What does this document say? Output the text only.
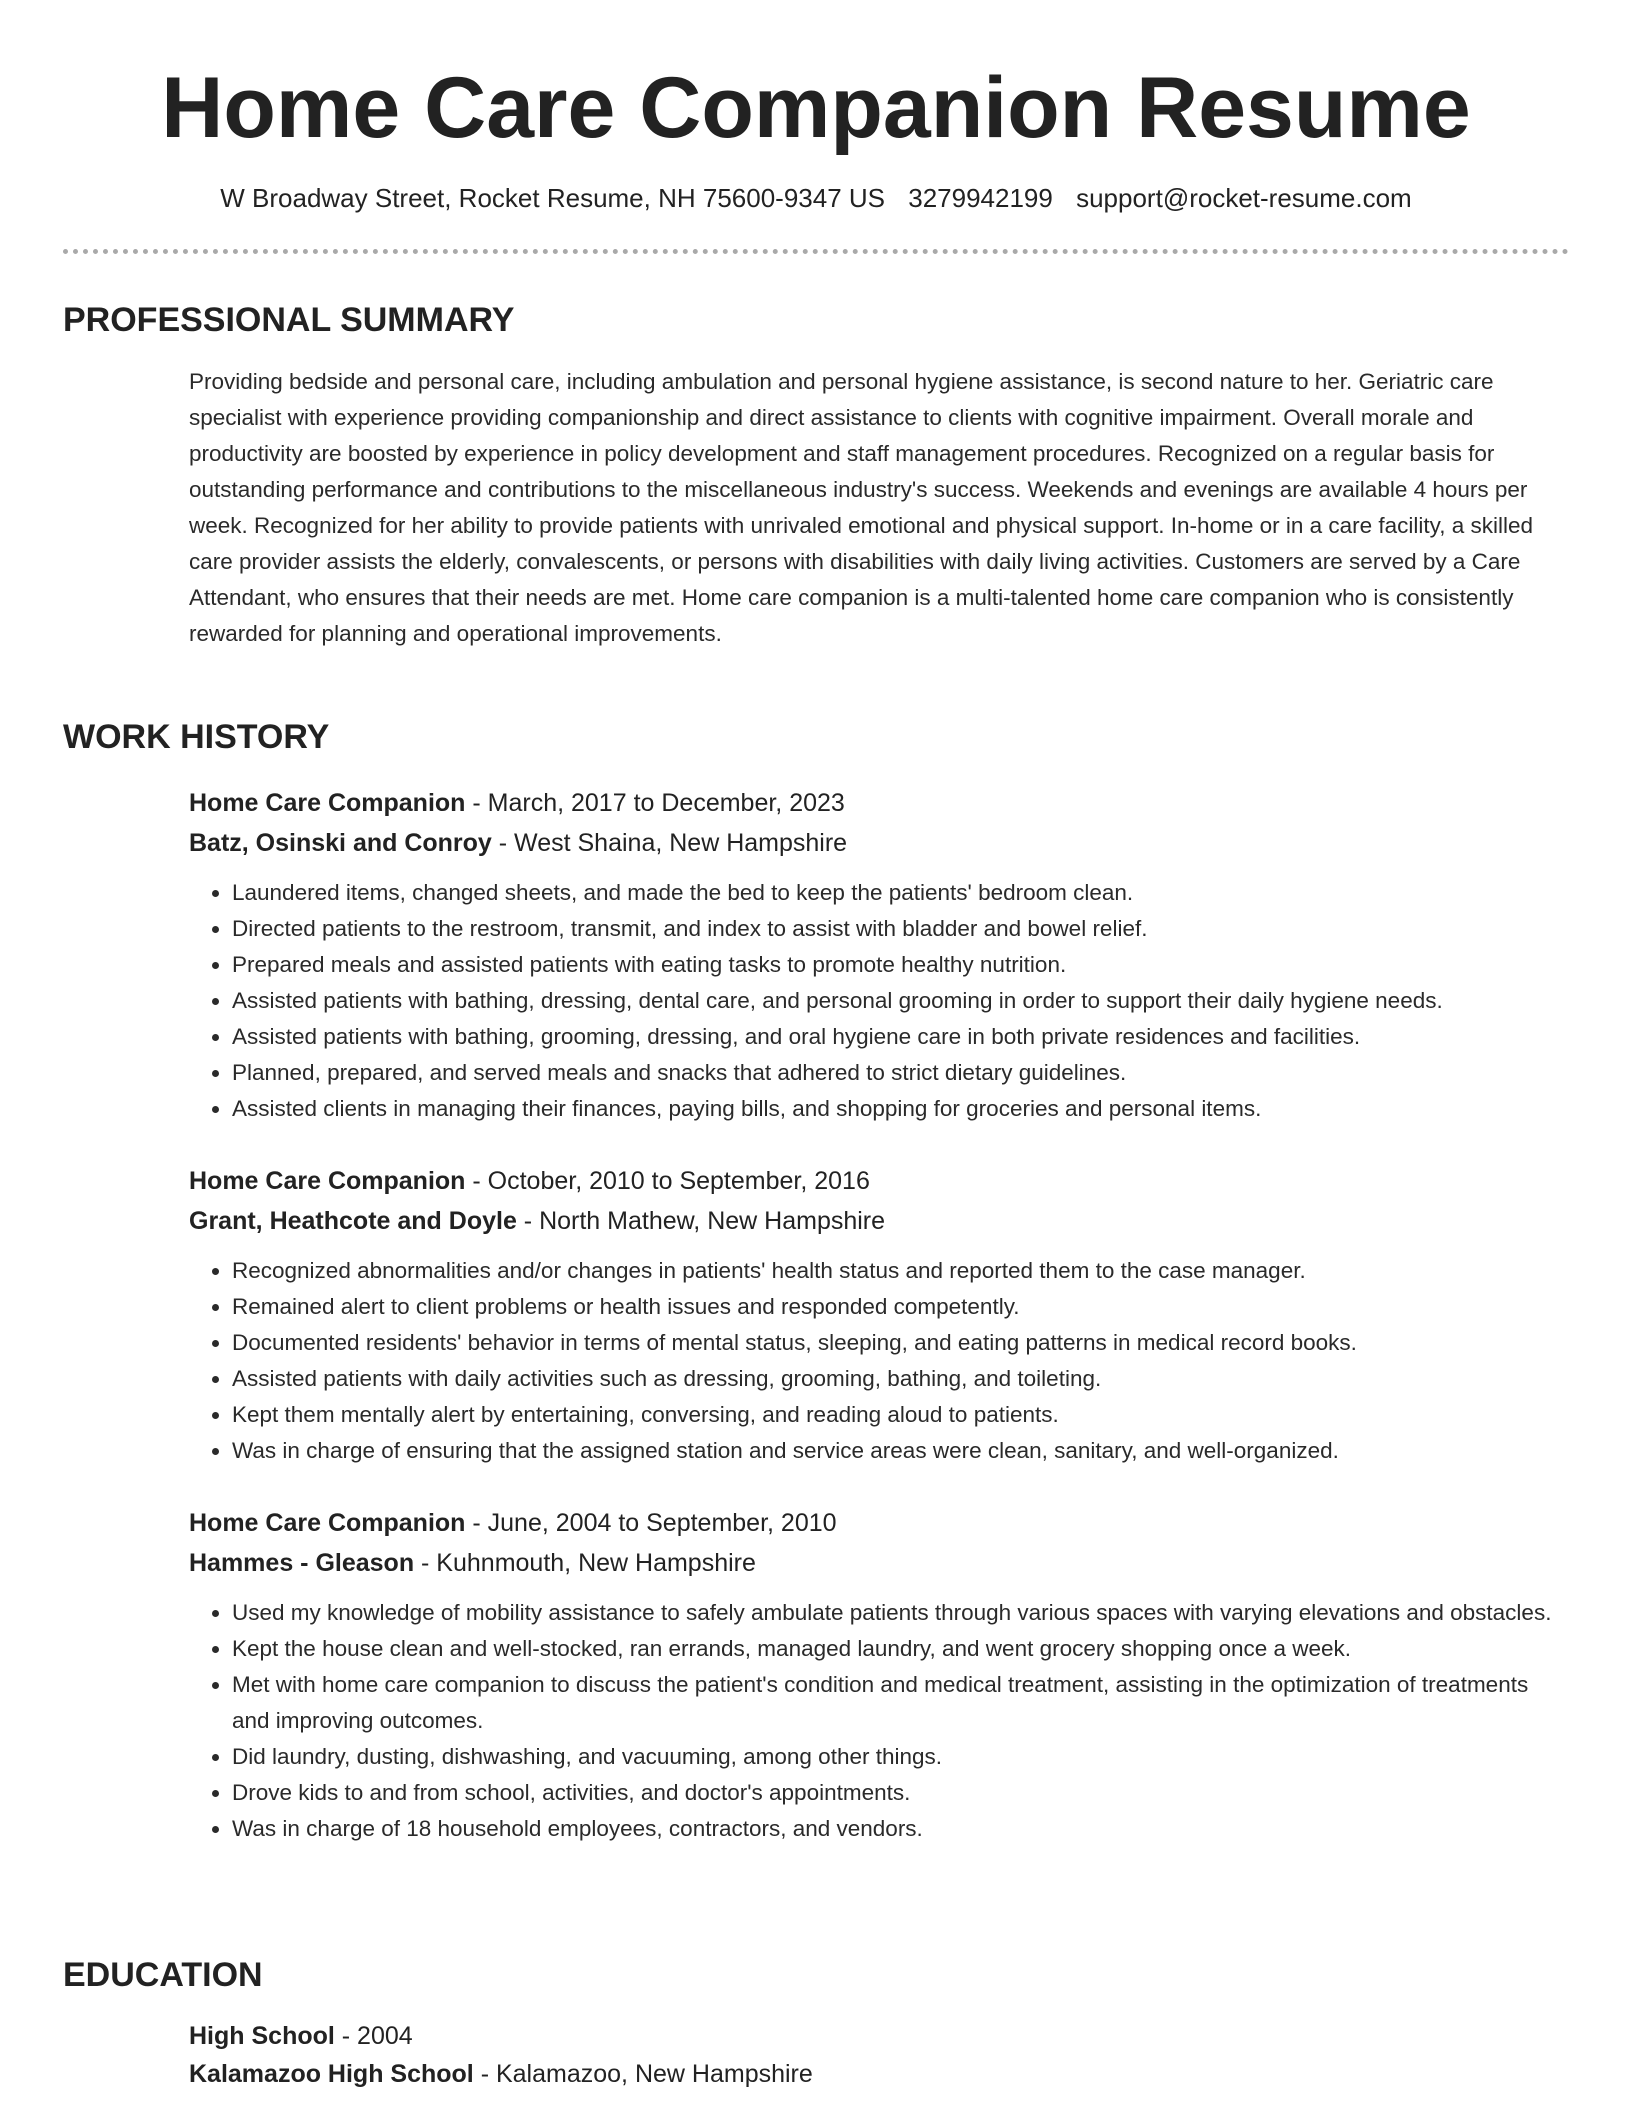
Home Care Companion Resume
W Broadway Street, Rocket Resume, NH 75600-9347 US 3279942199 support@rocket-resume.com
PROFESSIONAL SUMMARY

Providing bedside and personal care, including ambulation and personal hygiene assistance, is second nature to her. Geriatric care specialist with experience providing companionship and direct assistance to clients with cognitive impairment. Overall morale and productivity are boosted by experience in policy development and staff management procedures. Recognized on a regular basis for outstanding performance and contributions to the miscellaneous industry's success. Weekends and evenings are available 4 hours per week. Recognized for her ability to provide patients with unrivaled emotional and physical support. In-home or in a care facility, a skilled care provider assists the elderly, convalescents, or persons with disabilities with daily living activities. Customers are served by a Care Attendant, who ensures that their needs are met. Home care companion is a multi-talented home care companion who is consistently rewarded for planning and operational improvements.

WORK HISTORY
Home Care Companion - March, 2017 to December, 2023
Batz, Osinski and Conroy - West Shaina, New Hampshire
• Laundered items, changed sheets, and made the bed to keep the patients' bedroom clean.
• Directed patients to the restroom, transmit, and index to assist with bladder and bowel relief.
• Prepared meals and assisted patients with eating tasks to promote healthy nutrition.
• Assisted patients with bathing, dressing, dental care, and personal grooming in order to support their daily hygiene needs.
• Assisted patients with bathing, grooming, dressing, and oral hygiene care in both private residences and facilities.
• Planned, prepared, and served meals and snacks that adhered to strict dietary guidelines.
• Assisted clients in managing their finances, paying bills, and shopping for groceries and personal items.
Home Care Companion - October, 2010 to September, 2016
Grant, Heathcote and Doyle - North Mathew, New Hampshire
• Recognized abnormalities and/or changes in patients' health status and reported them to the case manager.
• Remained alert to client problems or health issues and responded competently.
• Documented residents' behavior in terms of mental status, sleeping, and eating patterns in medical record books.
• Assisted patients with daily activities such as dressing, grooming, bathing, and toileting.
• Kept them mentally alert by entertaining, conversing, and reading aloud to patients.
• Was in charge of ensuring that the assigned station and service areas were clean, sanitary, and well-organized.
Home Care Companion - June, 2004 to September, 2010
Hammes - Gleason - Kuhnmouth, New Hampshire
• Used my knowledge of mobility assistance to safely ambulate patients through various spaces with varying elevations and obstacles.
• Kept the house clean and well-stocked, ran errands, managed laundry, and went grocery shopping once a week.
• Met with home care companion to discuss the patient's condition and medical treatment, assisting in the optimization of treatments and improving outcomes.
• Did laundry, dusting, dishwashing, and vacuuming, among other things.
• Drove kids to and from school, activities, and doctor's appointments.
• Was in charge of 18 household employees, contractors, and vendors.
EDUCATION
High School - 2004
Kalamazoo High School - Kalamazoo, New Hampshire
